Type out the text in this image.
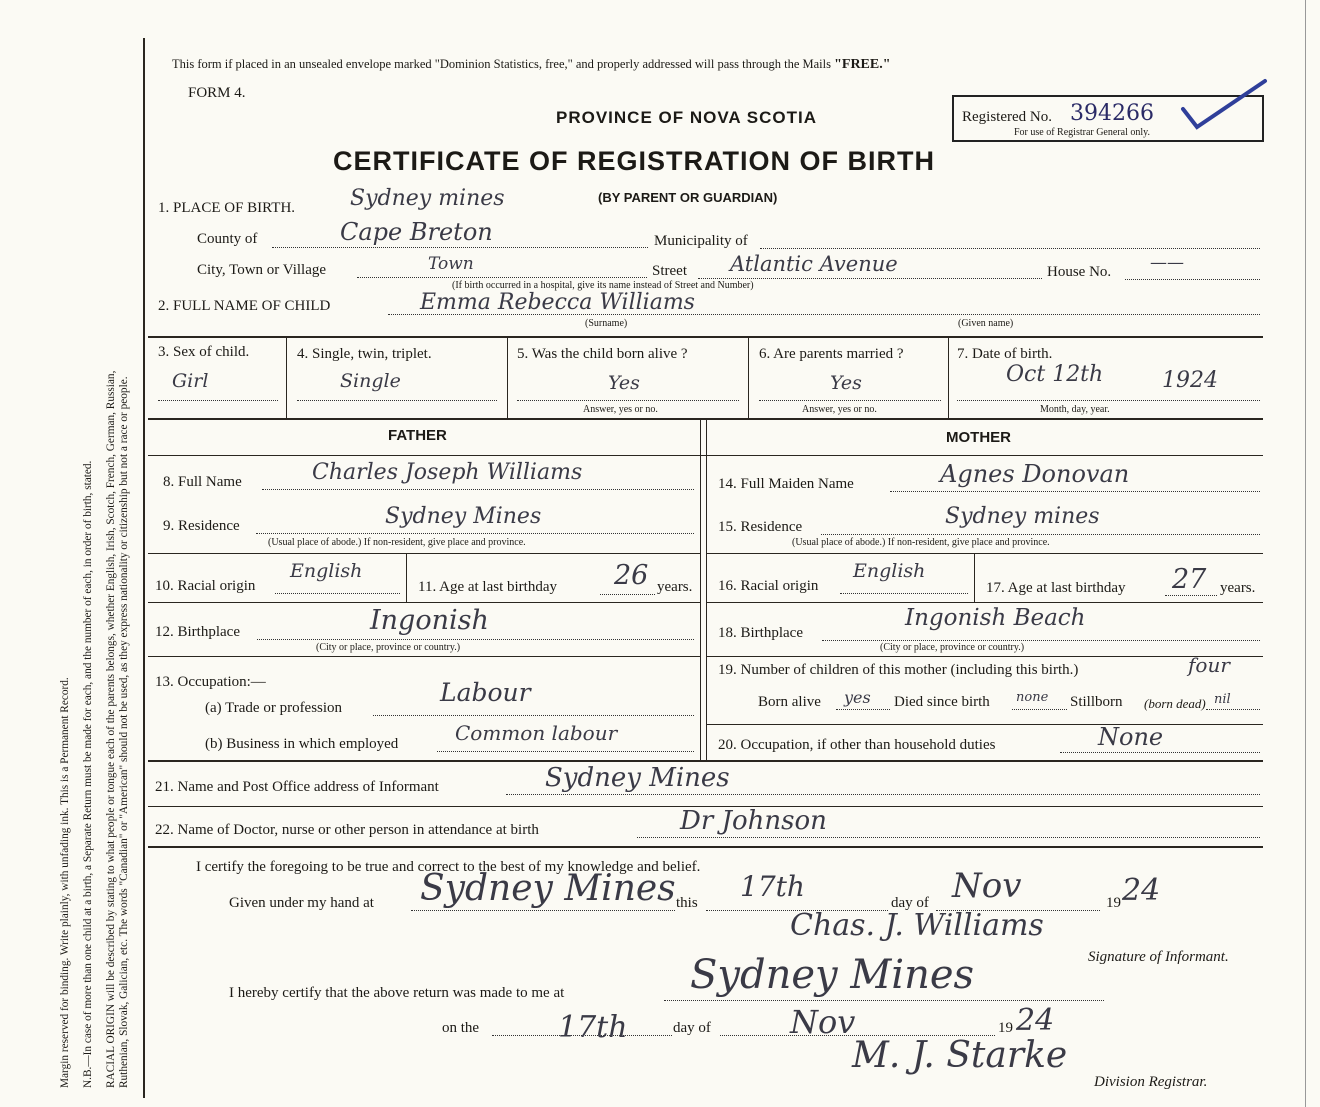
Margin reserved for binding. Write plainly, with unfading ink. This is a Permanent Record. N.B.—In case of more than one child at a birth, a Separate Return must be made for each, and the number of each, in order of birth, stated. RACIAL ORIGIN will be described by stating to what people or tongue each of the parents belongs, whether English, Irish, Scotch, French, German, Russian, Ruthenian, Slovak, Galician, etc. The words "Canadian" or "American" should not be used, as they express nationality or citizenship but not a race or people.
This form if placed in an unsealed envelope marked "Dominion Statistics, free," and properly addressed will pass through the Mails "FREE."
FORM 4.
PROVINCE OF NOVA SCOTIA
CERTIFICATE OF REGISTRATION OF BIRTH
Registered No. 394266
For use of Registrar General only.
1. PLACE OF BIRTH. Sydney mines	(BY PARENT OR GUARDIAN)
County of	Cape Breton	Municipality of
City, Town or Village	Town	Street Atlantic Avenue	House No. ——
(If birth occurred in a hospital, give its name instead of Street and Number)
2. FULL NAME OF CHILD	Emma Rebecca Williams
(Surname)	(Given name)
3. Sex of child.
Girl
4. Single, twin, triplet.
Single
5. Was the child born alive ?
Yes
Answer, yes or no.
6. Are parents married ?
Yes
Answer, yes or no.
7. Date of birth.
Oct 12th	1924
Month, day, year.
FATHER	MOTHER
8. Full Name	Charles Joseph Williams
9. Residence	Sydney Mines
(Usual place of abode.) If non-resident, give place and province.
10. Racial origin
English
11. Age at last birthday 26 years.
12. Birthplace	Ingonish
(City or place, province or country.)
13. Occupation:—
(a) Trade or profession
Labour
(b) Business in which employed	Common labour
14. Full Maiden Name	Agnes Donovan
15. Residence	Sydney mines
(Usual place of abode.) If non-resident, give place and province.
16. Racial origin
English
17. Age at last birthday 27 years.
18. Birthplace
Ingonish Beach
(City or place, province or country.)
19. Number of children of this mother (including this birth.)	four
Born alive yes Died since birth none Stillborn (born dead) nil
20. Occupation, if other than household duties	None
21. Name and Post Office address of Informant	Sydney Mines
22. Name of Doctor, nurse or other person in attendance at birth	Dr Johnson
I certify the foregoing to be true and correct to the best of my knowledge and belief.
Given under my hand at Sydney Mines this 17th	day of Nov	19 24
Chas. J. Williams
Signature of Informant.
I hereby certify that the above return was made to me at	Sydney Mines
on the	17th	day of Nov	19 24
M. J. Starke
Division Registrar.
